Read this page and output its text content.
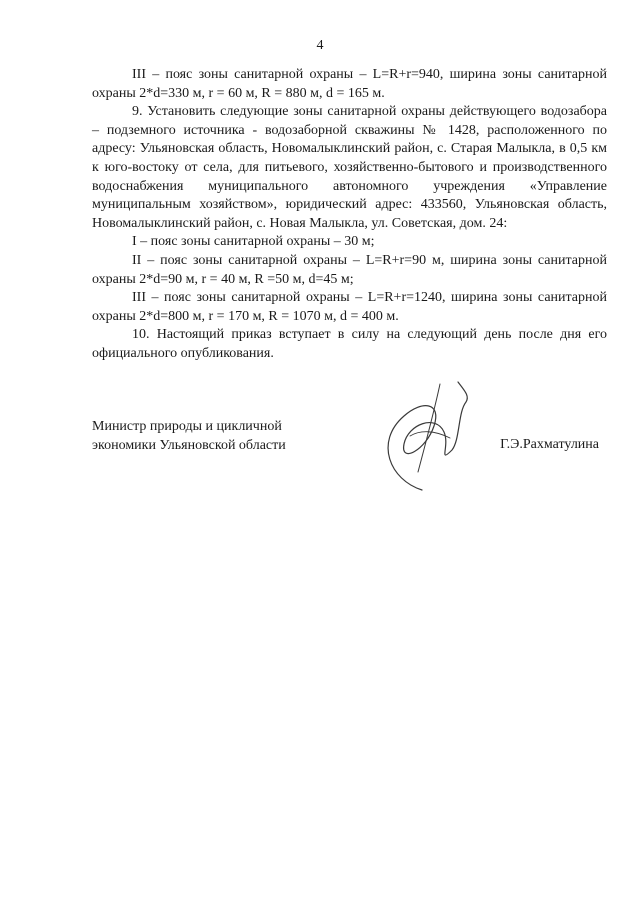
4

III – пояс зоны санитарной охраны – L=R+r=940, ширина зоны санитарной охраны 2*d=330 м, r = 60 м, R = 880 м, d = 165 м.

9. Установить следующие зоны санитарной охраны действующего водозабора – подземного источника - водозаборной скважины № 1428, расположенного по адресу: Ульяновская область, Новомалыклинский район, с. Старая Малыкла, в 0,5 км к юго-востоку от села, для питьевого, хозяйственно-бытового и производственного водоснабжения муниципального автономного учреждения «Управление муниципальным хозяйством», юридический адрес: 433560, Ульяновская область, Новомалыклинский район, с. Новая Малыкла, ул. Советская, дом. 24:

I – пояс зоны санитарной охраны – 30 м;

II – пояс зоны санитарной охраны – L=R+r=90 м, ширина зоны санитарной охраны 2*d=90 м, r = 40 м, R =50 м, d=45 м;

III – пояс зоны санитарной охраны – L=R+r=1240, ширина зоны санитарной охраны 2*d=800 м, r = 170 м, R = 1070 м, d = 400 м.

10. Настоящий приказ вступает в силу на следующий день после дня его официального опубликования.

Министр природы и цикличной
экономики Ульяновской области	Г.Э.Рахматулина
